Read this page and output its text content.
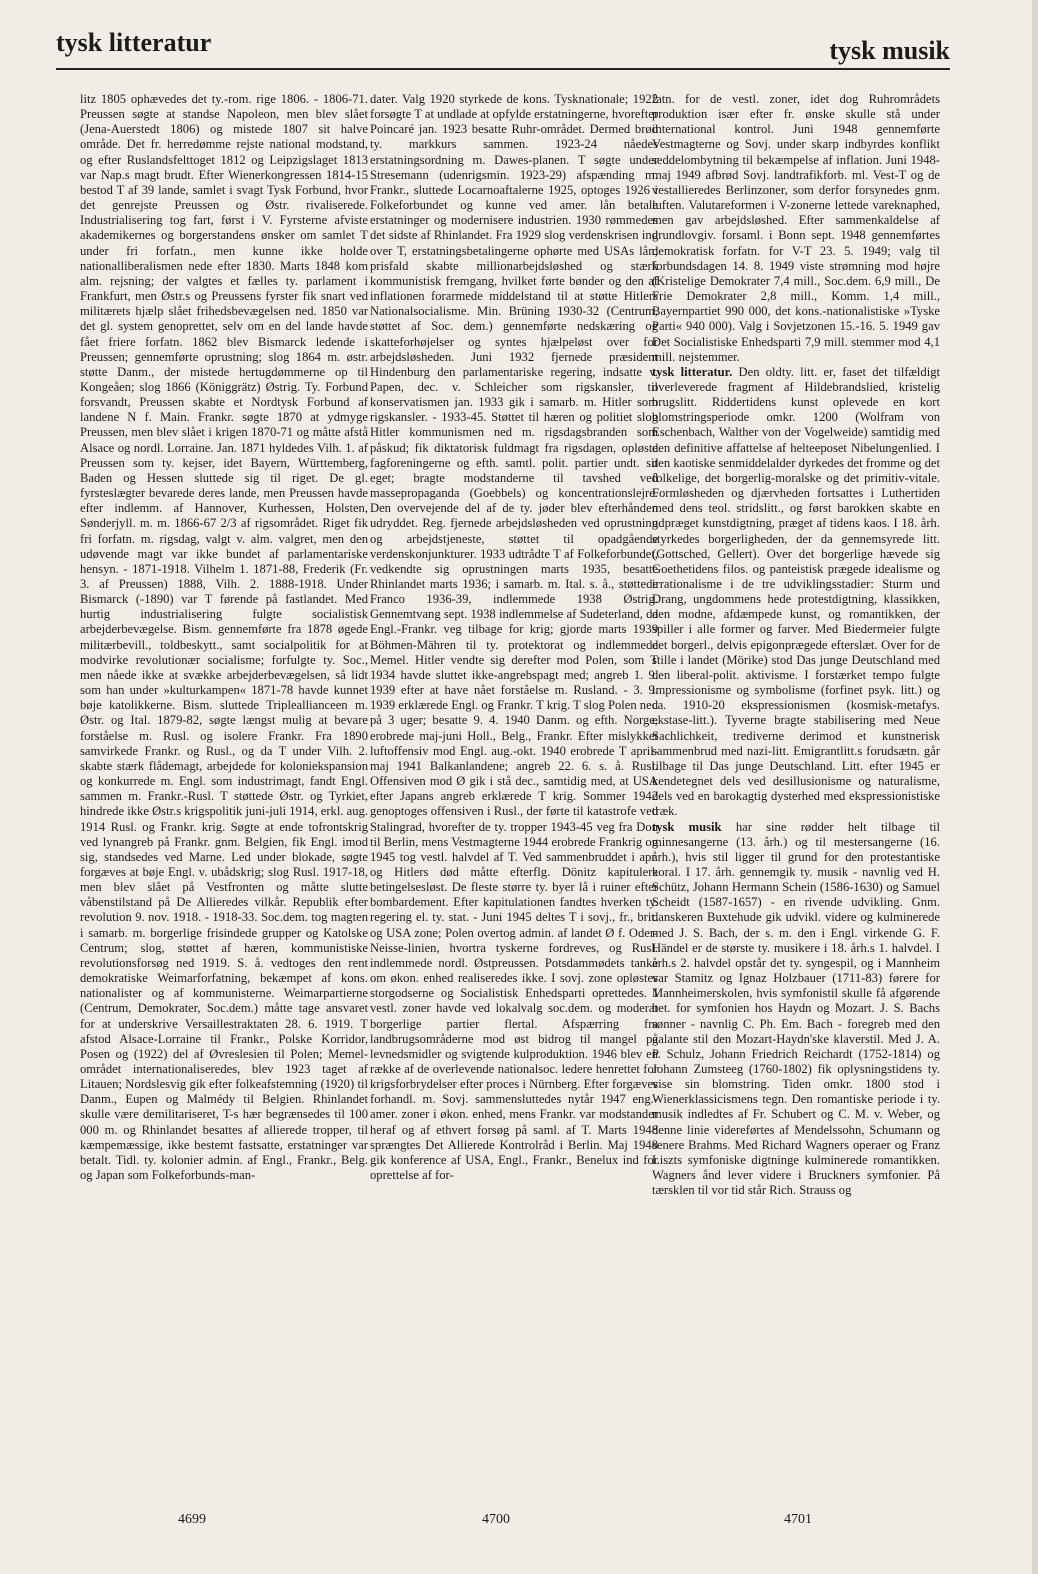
tysk litteratur	tysk musik

litz 1805 ophævedes det ty.-rom. rige 1806. - 1806-71. Preussen søgte at standse Napoleon, men blev slået (Jena-Auerstedt 1806) og mistede 1807 sit halve område. Det fr. herredømme rejste national modstand, og efter Ruslandsfelttoget 1812 og Leipzigslaget 1813 var Nap.s magt brudt. Efter Wienerkongressen 1814-15 bestod T af 39 lande, samlet i svagt Tysk Forbund, hvor det genrejste Preussen og Østr. rivaliserede. Industrialisering tog fart, først i V. Fyrsterne afviste akademikernes og borgerstandens ønsker om samlet T under fri forfatn., men kunne ikke holde nationalliberalismen nede efter 1830. Marts 1848 kom alm. rejsning; der valgtes et fælles ty. parlament i Frankfurt, men Østr.s og Preussens fyrster fik snart ved militærets hjælp slået frihedsbevægelsen ned. 1850 var det gl. system genoprettet, selv om en del lande havde fået friere forfatn. 1862 blev Bismarck ledende i Preussen; gennemførte oprustning; slog 1864 m. østr. støtte Danm., der mistede hertugdømmerne op til Kongeåen; slog 1866 (Königgrätz) Østrig. Ty. Forbund forsvandt, Preussen skabte et Nordtysk Forbund af landene N f. Main. Frankr. søgte 1870 at ydmyge Preussen, men blev slået i krigen 1870-71 og måtte afstå Alsace og nordl. Lorraine. Jan. 1871 hyldedes Vilh. 1. af Preussen som ty. kejser, idet Bayern, Württemberg, Baden og Hessen sluttede sig til riget. De gl. fyrsteslægter bevarede deres lande, men Preussen havde efter indlemm. af Hannover, Kurhessen, Holsten, Sønderjyll. m. m. 1866-67 2/3 af rigsområdet. Riget fik fri forfatn. m. rigsdag, valgt v. alm. valgret, men den udøvende magt var ikke bundet af parlamentariske hensyn. - 1871-1918. Vilhelm 1. 1871-88, Frederik (Fr. 3. af Preussen) 1888, Vilh. 2. 1888-1918. Under Bismarck (-1890) var T førende på fastlandet. Med hurtig industrialisering fulgte socialistisk arbejderbevægelse. Bism. gennemførte fra 1878 øgede militærbevill., toldbeskytt., samt socialpolitik for at modvirke revolutionær socialisme; forfulgte ty. Soc., men nåede ikke at svække arbejderbevægelsen, så lidt som han under »kulturkampen« 1871-78 havde kunnet bøje katolikkerne. Bism. sluttede Tripleallianceen m. Østr. og Ital. 1879-82, søgte længst mulig at bevare forståelse m. Rusl. og isolere Frankr. Fra 1890 samvirkede Frankr. og Rusl., og da T under Vilh. 2. skabte stærk flådemagt, arbejdede for koloniekspansion og konkurrede m. Engl. som industrimagt, fandt Engl. sammen m. Frankr.-Rusl. T støttede Østr. og Tyrkiet, hindrede ikke Østr.s krigspolitik juni-juli 1914, erkl. aug. 1914 Rusl. og Frankr. krig. Søgte at ende tofrontskrig ved lynangreb på Frankr. gnm. Belgien, fik Engl. imod sig, standsedes ved Marne. Led under blokade, søgte forgæves at bøje Engl. v. ubådskrig; slog Rusl. 1917-18, men blev slået på Vestfronten og måtte slutte våbenstilstand på De Allieredes vilkår. Republik efter revolution 9. nov. 1918. - 1918-33. Soc.dem. tog magten i samarb. m. borgerlige frisindede grupper og Katolske Centrum; slog, støttet af hæren, kommunistiske revolutionsforsøg ned 1919. S. å. vedtoges den rent demokratiske Weimarforfatning, bekæmpet af kons. nationalister og af kommunisterne. Weimarpartierne (Centrum, Demokrater, Soc.dem.) måtte tage ansvaret for at underskrive Versaillestraktaten 28. 6. 1919. T afstod Alsace-Lorraine til Frankr., Polske Korridor, Posen og (1922) del af Øvreslesien til Polen; Memel-området internationaliseredes, blev 1923 taget af Litauen; Nordslesvig gik efter folkeafstemning (1920) til Danm., Eupen og Malmédy til Belgien. Rhinlandet skulle være demilitariseret, T-s hær begrænsedes til 100 000 m. og Rhinlandet besattes af allierede tropper, til kæmpemæssige, ikke bestemt fastsatte, erstatninger var betalt. Tidl. ty. kolonier admin. af Engl., Frankr., Belg. og Japan som Folkeforbunds-man-

dater. Valg 1920 styrkede de kons. Tysknationale; 1922 forsøgte T at undlade at opfylde erstatningerne, hvorefter Poincaré jan. 1923 besatte Ruhr-området. Dermed brød ty. markkurs sammen. 1923-24 nåedes erstatningsordning m. Dawes-planen. T søgte under Stresemann (udenrigsmin. 1923-29) afspænding m. Frankr., sluttede Locarnoaftalerne 1925, optoges 1926 i Folkeforbundet og kunne ved amer. lån betale erstatninger og modernisere industrien. 1930 rømmedes det sidste af Rhinlandet. Fra 1929 slog verdenskrisen ind over T, erstatningsbetalingerne ophørte med USAs lån; prisfald skabte millionarbejdsløshed og stærk kommunistisk fremgang, hvilket førte bønder og den af inflationen forarmede middelstand til at støtte Hitlers Nationalsocialisme. Min. Brüning 1930-32 (Centrum, støttet af Soc. dem.) gennemførte nedskæring og skatteforhøjelser og syntes hjælpeløst over for arbejdsløsheden. Juni 1932 fjernede præsident Hindenburg den parlamentariske regering, indsatte v. Papen, dec. v. Schleicher som rigskansler, til konservatismen jan. 1933 gik i samarb. m. Hitler som rigskansler. - 1933-45. Støttet til hæren og politiet slog Hitler kommunismen ned m. rigsdagsbranden som påskud; fik diktatorisk fuldmagt fra rigsdagen, opløste fagforeningerne og efth. samtl. polit. partier undt. sit eget; bragte modstanderne til tavshed ved massepropaganda (Goebbels) og koncentrationslejre. Den overvejende del af de ty. jøder blev efterhånden udryddet. Reg. fjernede arbejdsløsheden ved oprustning og arbejdstjeneste, støttet til opadgående verdenskonjunkturer. 1933 udtrådte T af Folkeforbundet, vedkendte sig oprustningen marts 1935, besatte Rhinlandet marts 1936; i samarb. m. Ital. s. å., støttede Franco 1936-39, indlemmede 1938 Østrig. Gennemtvang sept. 1938 indlemmelse af Sudeterland, da Engl.-Frankr. veg tilbage for krig; gjorde marts 1939 Böhmen-Mähren til ty. protektorat og indlemmede Memel. Hitler vendte sig derefter mod Polen, som T 1934 havde sluttet ikke-angrebspagt med; angreb 1. 9. 1939 efter at have nået forståelse m. Rusland. - 3. 9. 1939 erklærede Engl. og Frankr. T krig. T slog Polen ned på 3 uger; besatte 9. 4. 1940 Danm. og efth. Norge, erobrede maj-juni Holl., Belg., Frankr. Efter mislykket luftoffensiv mod Engl. aug.-okt. 1940 erobrede T april-maj 1941 Balkanlandene; angreb 22. 6. s. å. Rusl. Offensiven mod Ø gik i stå dec., samtidig med, at USA efter Japans angreb erklærede T krig. Sommer 1942 genoptoges offensiven i Rusl., der førte til katastrofe ved Stalingrad, hvorefter de ty. tropper 1943-45 veg fra Don til Berlin, mens Vestmagterne 1944 erobrede Frankrig og 1945 tog vestl. halvdel af T. Ved sammenbruddet i apr. og Hitlers død måtte efterflg. Dönitz kapitulere betingelsesløst. De fleste større ty. byer lå i ruiner efter bombardement. Efter kapitulationen fandtes hverken ty. regering el. ty. stat. - Juni 1945 deltes T i sovj., fr., brit. og USA zone; Polen overtog admin. af landet Ø f. Oder-Neisse-linien, hvortra tyskerne fordreves, og Rusl. indlemmede nordl. Østpreussen. Potsdammødets tanke om økon. enhed realiseredes ikke. I sovj. zone opløstes storgodserne og Socialistisk Enhedsparti oprettedes. I vestl. zoner havde ved lokalvalg soc.dem. og moderat borgerlige partier flertal. Afspærring fra landbrugsområderne mod øst bidrog til mangel på levnedsmidler og svigtende kulproduktion. 1946 blev en række af de overlevende nationalsoc. ledere henrettet for krigsforbrydelser efter proces i Nürnberg. Efter forgæves forhandl. m. Sovj. sammensluttedes nytår 1947 eng.-amer. zoner i økon. enhed, mens Frankr. var modstander heraf og af ethvert forsøg på saml. af T. Marts 1948 sprængtes Det Allierede Kontrolråd i Berlin. Maj 1948 gik konference af USA, Engl., Frankr., Benelux ind for oprettelse af for-

fatn. for de vestl. zoner, idet dog Ruhrområdets produktion især efter fr. ønske skulle stå under international kontrol. Juni 1948 gennemførte Vestmagterne og Sovj. under skarp indbyrdes konflikt seddelombytning til bekæmpelse af inflation. Juni 1948-maj 1949 afbrød Sovj. landtrafikforb. ml. Vest-T og de vestallieredes Berlinzoner, som derfor forsynedes gnm. luften. Valutareformen i V-zonerne lettede vareknaphed, men gav arbejdsløshed. Efter sammenkaldelse af grundlovgiv. forsaml. i Bonn sept. 1948 gennemførtes demokratisk forfatn. for V-T 23. 5. 1949; valg til forbundsdagen 14. 8. 1949 viste strømning mod højre (Kristelige Demokrater 7,4 mill., Soc.dem. 6,9 mill., De Frie Demokrater 2,8 mill., Komm. 1,4 mill., Bayernpartiet 990 000, det kons.-nationalistiske »Tyske Parti« 940 000). Valg i Sovjetzonen 15.-16. 5. 1949 gav Det Socialistiske Enhedsparti 7,9 mill. stemmer mod 4,1 mill. nejstemmer.

tysk litteratur. Den oldty. litt. er, faset det tilfældigt overleverede fragment af Hildebrandslied, kristelig brugslitt. Riddertidens kunst oplevede en kort blomstringsperiode omkr. 1200 (Wolfram von Eschenbach, Walther von der Vogelweide) samtidig med den definitive affattelse af helteeposet Nibelungenlied. I den kaotiske senmiddelalder dyrkedes det fromme og det folkelige, det borgerlig-moralske og det primitiv-vitale. Formløsheden og djærvheden fortsattes i Luthertiden med dens teol. stridslitt., og først barokken skabte en udpræget kunstdigtning, præget af tidens kaos. I 18. årh. styrkedes borgerligheden, der da gennemsyrede litt. (Gottsched, Gellert). Over det borgerlige hævede sig Goethetidens filos. og panteistisk prægede idealisme og irrationalisme i de tre udviklingsstadier: Sturm und Drang, ungdommens hede protestdigtning, klassikken, den modne, afdæmpede kunst, og romantikken, der spiller i alle former og farver. Med Biedermeier fulgte det borgerl., delvis epigonprægede efterslæt. Over for de stille i landet (Mörike) stod Das junge Deutschland med den liberal-polit. aktivisme. I forstærket tempo fulgte impressionisme og symbolisme (forfinet psyk. litt.) og ca. 1910-20 ekspressionismen (kosmisk-metafys. ekstase-litt.). Tyverne bragte stabilisering med Neue Sachlichkeit, trediverne derimod et kunstnerisk sammenbrud med nazi-litt. Emigrantlitt.s forudsætn. går tilbage til Das junge Deutschland. Litt. efter 1945 er kendetegnet dels ved desillusionisme og naturalisme, dels ved en barokagtig dysterhed med ekspressionistiske træk.

tysk musik har sine rødder helt tilbage til minnesangerne (13. årh.) og til mestersangerne (16. årh.), hvis stil ligger til grund for den protestantiske koral. I 17. årh. gennemgik ty. musik - navnlig ved H. Schütz, Johann Hermann Schein (1586-1630) og Samuel Scheidt (1587-1657) - en rivende udvikling. Gnm. danskeren Buxtehude gik udvikl. videre og kulminerede med J. S. Bach, der s. m. den i Engl. virkende G. F. Händel er de største ty. musikere i 18. årh.s 1. halvdel. I årh.s 2. halvdel opstår det ty. syngespil, og i Mannheim var Stamitz og Ignaz Holzbauer (1711-83) førere for Mannheimerskolen, hvis symfonistil skulle få afgørende bet. for symfonien hos Haydn og Mozart. J. S. Bachs sønner - navnlig C. Ph. Em. Bach - foregreb med den galante stil den Mozart-Haydn'ske klaverstil. Med J. A. P. Schulz, Johann Friedrich Reichardt (1752-1814) og Johann Zumsteeg (1760-1802) fik oplysningstidens ty. vise sin blomstring. Tiden omkr. 1800 stod i Wienerklassicismens tegn. Den romantiske periode i ty. musik indledtes af Fr. Schubert og C. M. v. Weber, og denne linie videreførtes af Mendelssohn, Schumann og senere Brahms. Med Richard Wagners operaer og Franz Liszts symfoniske digtninge kulminerede romantikken. Wagners ånd lever videre i Bruckners symfonier. På tærsklen til vor tid står Rich. Strauss og

4699	4700	4701
